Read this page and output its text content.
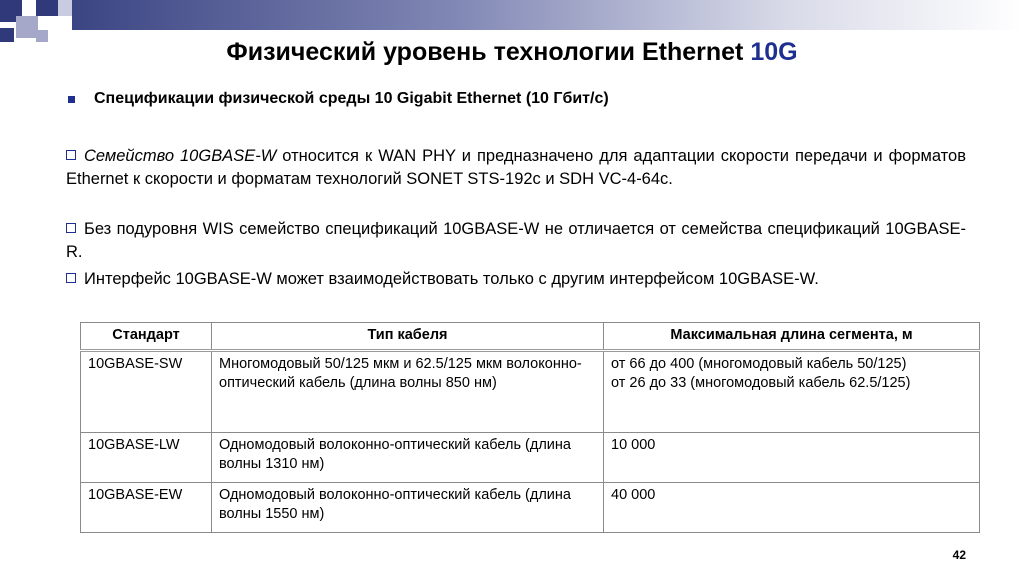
Физический уровень технологии Ethernet 10G
Спецификации физической среды 10 Gigabit Ethernet (10 Гбит/с)
Семейство 10GBASE-W относится к WAN PHY и предназначено для адаптации скорости передачи и форматов Ethernet к скорости и форматам технологий SONET STS-192c и SDH VC-4-64c.
Без подуровня WIS семейство спецификаций 10GBASE-W не отличается от семейства спецификаций 10GBASE-R.
Интерфейс 10GBASE-W может взаимодействовать только с другим интерфейсом 10GBASE-W.
Стандарт	Тип кабеля	Максимальная длина сегмента, м
10GBASE-SW	Многомодовый 50/125 мкм и 62.5/125 мкм волоконно-оптический кабель (длина волны 850 нм)	от 66 до 400 (многомодовый кабель 50/125)
от 26 до 33 (многомодовый кабель 62.5/125)

10GBASE-LW	Одномодовый волоконно-оптический кабель (длина волны 1310 нм)	10 000
10GBASE-EW	Одномодовый волоконно-оптический кабель (длина волны 1550 нм)	40 000
42
